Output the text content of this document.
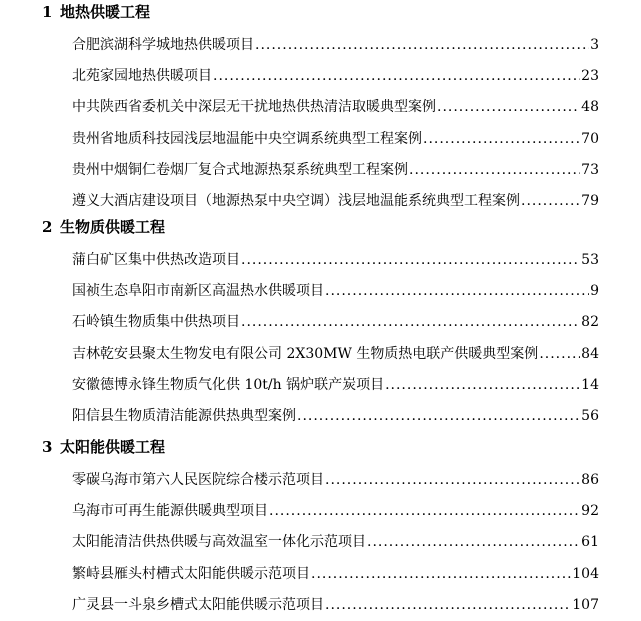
1 地热供暖工程
合肥滨湖科学城地热供暖项目 .....	3
北苑家园地热供暖项目 .....	23
中共陕西省委机关中深层无干扰地热供热清洁取暖典型案例 .....	48
贵州省地质科技园浅层地温能中央空调系统典型工程案例 .....	70
贵州中烟铜仁卷烟厂复合式地源热泵系统典型工程案例 .....	73
遵义大酒店建设项目（地源热泵中央空调）浅层地温能系统典型工程案例 .....	79
2 生物质供暖工程
蒲白矿区集中供热改造项目 .....	53
国祯生态阜阳市南新区高温热水供暖项目 .....	9
石岭镇生物质集中供热项目 .....	82
吉林乾安县聚太生物发电有限公司 2X30MW 生物质热电联产供暖典型案例 .....	84
安徽德博永锋生物质气化供 10t/h 锅炉联产炭项目 .....	14
阳信县生物质清洁能源供热典型案例 .....	56
3 太阳能供暖工程
零碳乌海市第六人民医院综合楼示范项目 .....	86
乌海市可再生能源供暖典型项目 .....	92
太阳能清洁供热供暖与高效温室一体化示范项目 .....	61
繁峙县雁头村槽式太阳能供暖示范项目 .....	104
广灵县一斗泉乡槽式太阳能供暖示范项目 .....	107
